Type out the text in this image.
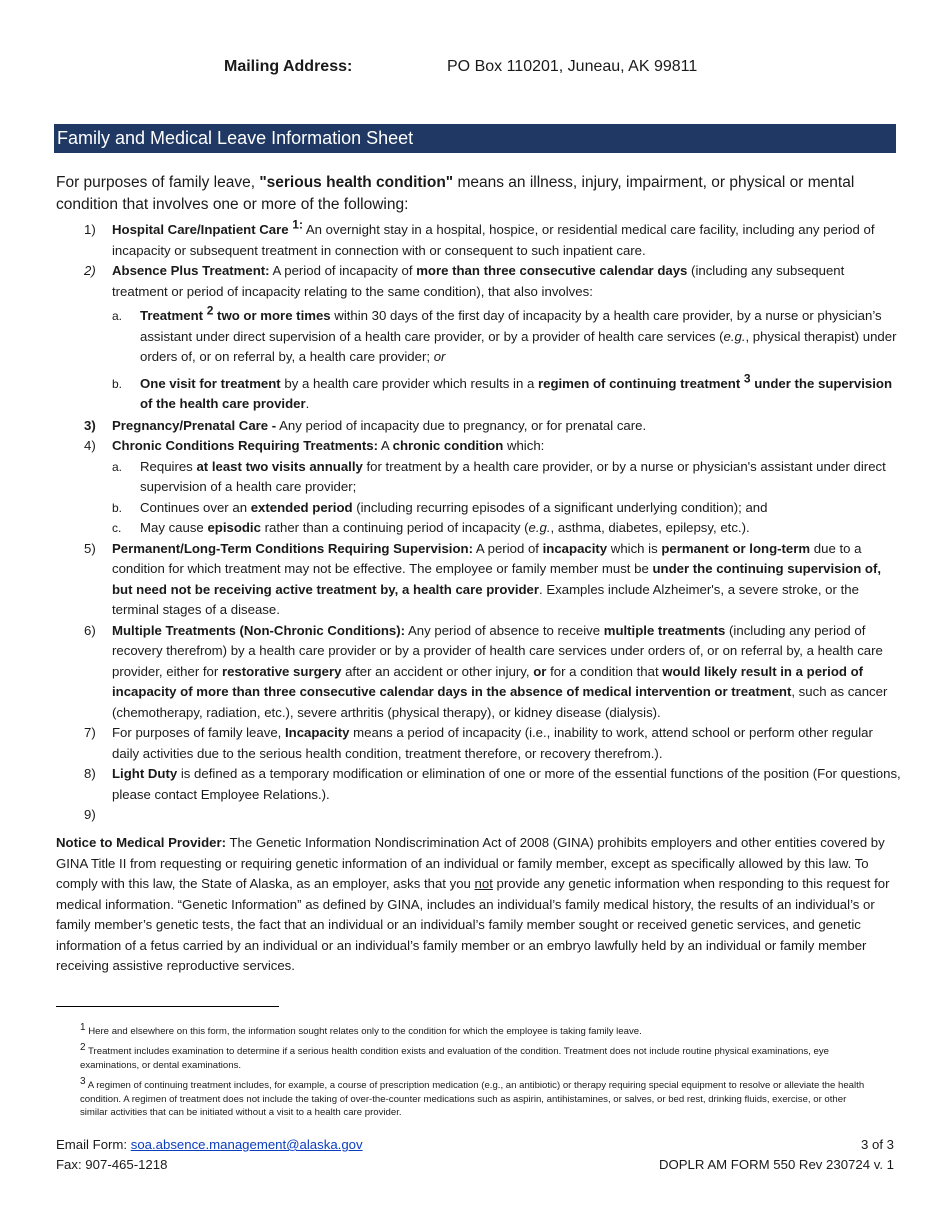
Mailing Address:	PO Box 110201, Juneau, AK 99811
Family and Medical Leave Information Sheet
For purposes of family leave, "serious health condition" means an illness, injury, impairment, or physical or mental condition that involves one or more of the following:
1) Hospital Care/Inpatient Care $^{1:}$ An overnight stay in a hospital, hospice, or residential medical care facility, including any period of incapacity or subsequent treatment in connection with or consequent to such inpatient care.
2) Absence Plus Treatment: A period of incapacity of more than three consecutive calendar days (including any subsequent treatment or period of incapacity relating to the same condition), that also involves:
a. Treatment $^2$ two or more times within 30 days of the first day of incapacity by a health care provider, by a nurse or physician’s assistant under direct supervision of a health care provider, or by a provider of health care services (e.g., physical therapist) under orders of, or on referral by, a health care provider; or
b. One visit for treatment by a health care provider which results in a regimen of continuing treatment $^3$ under the supervision of the health care provider.
3) Pregnancy/Prenatal Care - Any period of incapacity due to pregnancy, or for prenatal care.
4) Chronic Conditions Requiring Treatments: A chronic condition which:
a. Requires at least two visits annually for treatment by a health care provider, or by a nurse or physician's assistant under direct supervision of a health care provider;
b. Continues over an extended period (including recurring episodes of a significant underlying condition); and
c. May cause episodic rather than a continuing period of incapacity (e.g., asthma, diabetes, epilepsy, etc.).
5) Permanent/Long-Term Conditions Requiring Supervision: A period of incapacity which is permanent or long-term due to a condition for which treatment may not be effective. The employee or family member must be under the continuing supervision of, but need not be receiving active treatment by, a health care provider. Examples include Alzheimer's, a severe stroke, or the terminal stages of a disease.
6) Multiple Treatments (Non-Chronic Conditions): Any period of absence to receive multiple treatments (including any period of recovery therefrom) by a health care provider or by a provider of health care services under orders of, or on referral by, a health care provider, either for restorative surgery after an accident or other injury, or for a condition that would likely result in a period of incapacity of more than three consecutive calendar days in the absence of medical intervention or treatment, such as cancer (chemotherapy, radiation, etc.), severe arthritis (physical therapy), or kidney disease (dialysis).
7) For purposes of family leave, Incapacity means a period of incapacity (i.e., inability to work, attend school or perform other regular daily activities due to the serious health condition, treatment therefore, or recovery therefrom.).
8) Light Duty is defined as a temporary modification or elimination of one or more of the essential functions of the position (For questions, please contact Employee Relations.).
9)

Notice to Medical Provider: The Genetic Information Nondiscrimination Act of 2008 (GINA) prohibits employers and other entities covered by GINA Title II from requesting or requiring genetic information of an individual or family member, except as specifically allowed by this law. To comply with this law, the State of Alaska, as an employer, asks that you not provide any genetic information when responding to this request for medical information. “Genetic Information” as defined by GINA, includes an individual’s family medical history, the results of an individual’s or family member’s genetic tests, the fact that an individual or an individual’s family member sought or received genetic services, and genetic information of a fetus carried by an individual or an individual’s family member or an embryo lawfully held by an individual or family member receiving assistive reproductive services.
$^1$ Here and elsewhere on this form, the information sought relates only to the condition for which the employee is taking family leave.
$^2$ Treatment includes examination to determine if a serious health condition exists and evaluation of the condition. Treatment does not include routine physical examinations, eye examinations, or dental examinations.
$^3$ A regimen of continuing treatment includes, for example, a course of prescription medication (e.g., an antibiotic) or therapy requiring special equipment to resolve or alleviate the health condition. A regimen of treatment does not include the taking of over-the-counter medications such as aspirin, antihistamines, or salves, or bed rest, drinking fluids, exercise, or other similar activities that can be initiated without a visit to a health care provider.
Email Form: soa.absence.management@alaska.gov
Fax: 907-465-1218
3 of 3
DOPLR AM FORM 550 Rev 230724 v. 1
